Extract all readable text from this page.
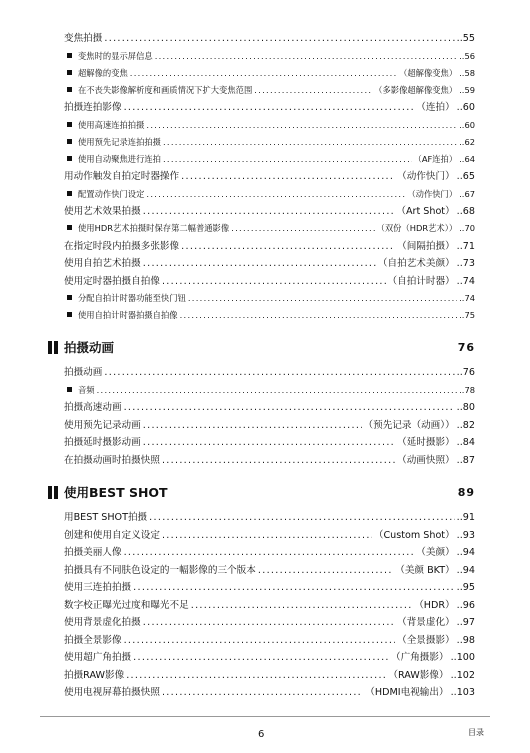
变焦拍摄 .....	..55
变焦时的显示屏信息 .....	..56
超解像的变焦 .....	（超解像变焦） ..58
在不丧失影像解析度和画质情况下扩大变焦范围 .....	（多影像超解像变焦） ..59
拍摄连拍影像 .....	（连拍） ..60
使用高速连拍拍摄 .....	..60
使用预先记录连拍拍摄 .....	..62
使用自动聚焦进行连拍 .....	（AF连拍） ..64
用动作触发自拍定时器操作 .....	（动作快门） ..65
配置动作快门设定 .....	（动作快门） ..67
使用艺术效果拍摄 .....	（Art Shot） ..68
使用HDR艺术拍摄时保存第二幅普通影像 .....	（双份（HDR艺术）） ..70
在指定时段内拍摄多张影像 .....	（间隔拍摄） ..71
使用自拍艺术拍摄 .....	（自拍艺术美颜） ..73
使用定时器拍摄自拍像 .....	（自拍计时器） ..74
分配自拍计时器功能至快门钮 .....	..74
使用自拍计时器拍摄自拍像 .....	..75
拍摄动画	76
拍摄动画 .....	..76
音频 .....	..78
拍摄高速动画 .....	..80
使用预先记录动画 .....	（预先记录（动画）） ..82
拍摄延时摄影动画 .....	（延时摄影） ..84
在拍摄动画时拍摄快照 .....	（动画快照） ..87
使用BEST SHOT	89
用BEST SHOT拍摄 .....	..91
创建和使用自定义设定 .....	（Custom Shot） ..93
拍摄美丽人像 .....	（美颜） ..94
拍摄具有不同肤色设定的一幅影像的三个版本 .....	（美颜 BKT） ..94
使用三连拍拍摄 .....	..95
数字校正曝光过度和曝光不足 .....	（HDR） ..96
使用背景虚化拍摄 .....	（背景虚化） ..97
拍摄全景影像 .....	（全景摄影） ..98
使用超广角拍摄 .....	（广角摄影） ..100
拍摄RAW影像 .....	（RAW影像） ..102
使用电视屏幕拍摄快照 .....	（HDMI电视输出） ..103
6	目录
